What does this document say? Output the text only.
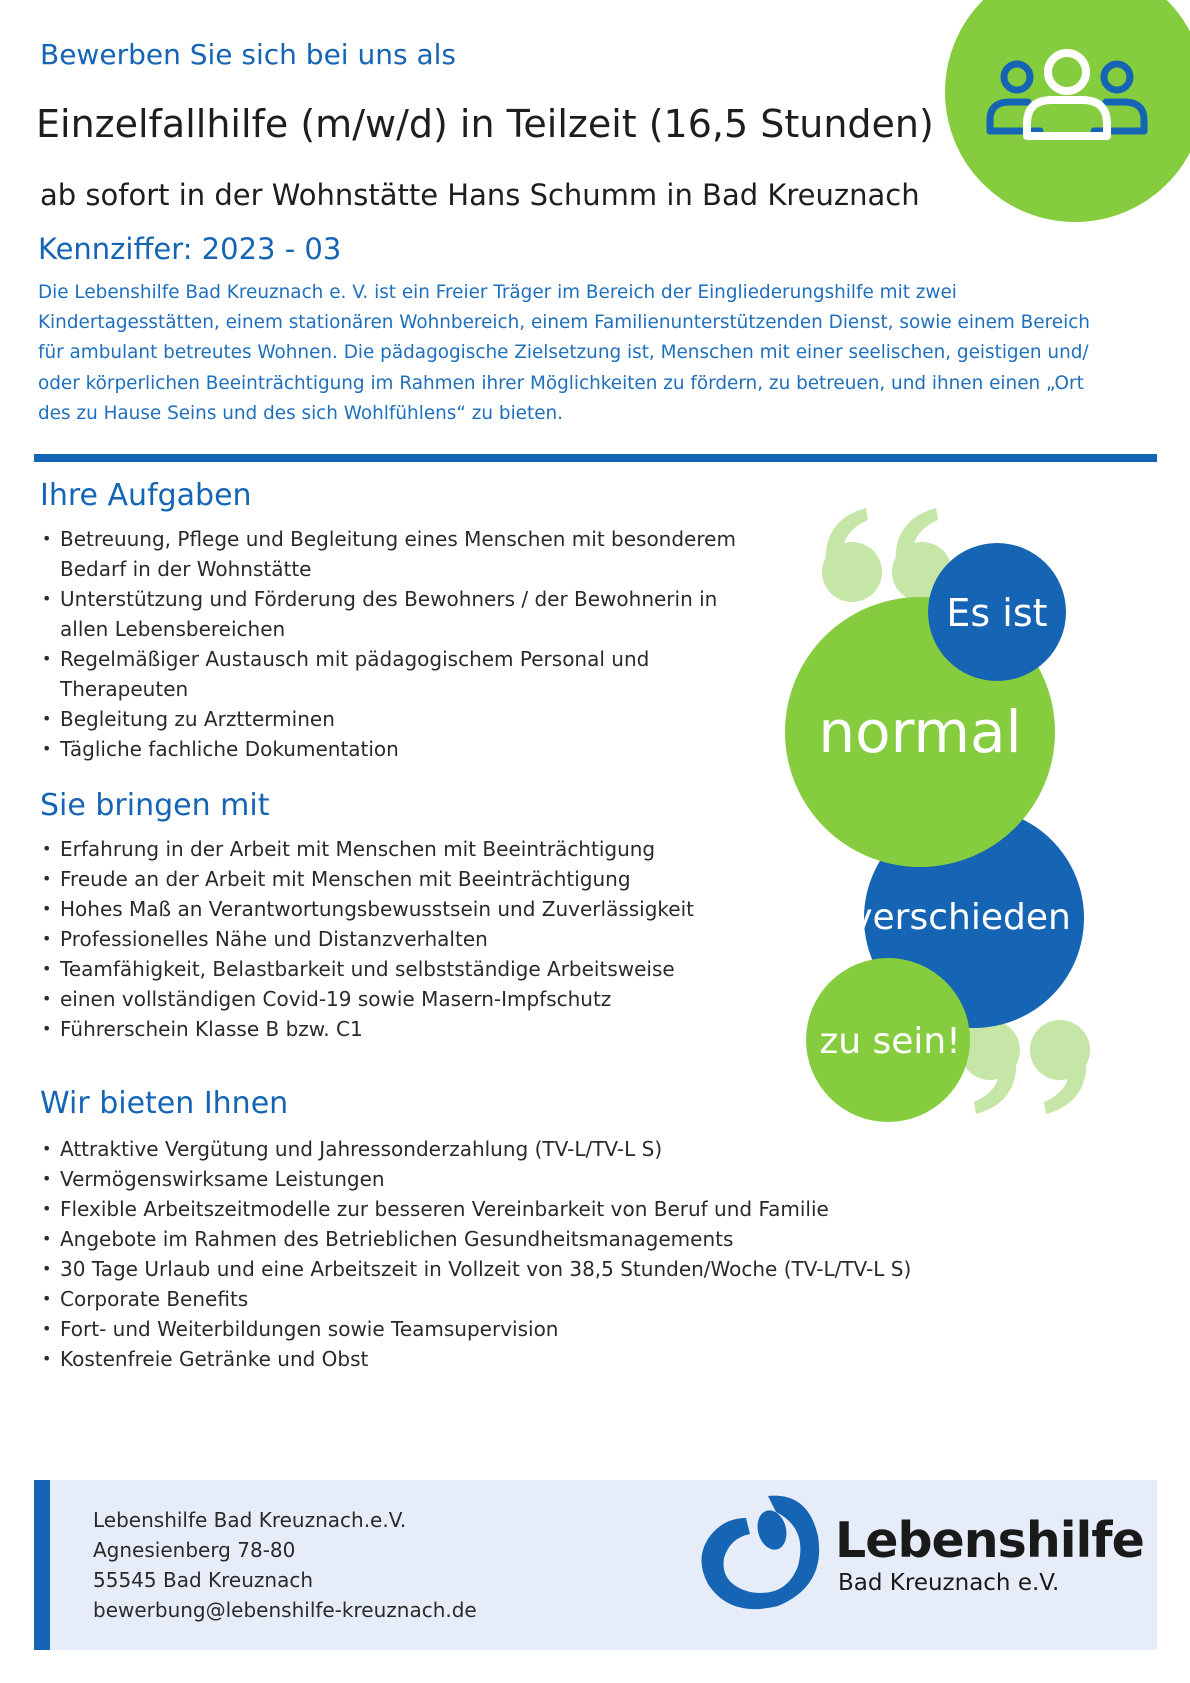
Bewerben Sie sich bei uns als
Einzelfallhilfe (m/w/d) in Teilzeit (16,5 Stunden)
ab sofort in der Wohnstätte Hans Schumm in Bad Kreuznach
Kennziffer: 2023 - 03
Die Lebenshilfe Bad Kreuznach e. V. ist ein Freier Träger im Bereich der Eingliederungshilfe mit zwei Kindertagesstätten, einem stationären Wohnbereich, einem Familienunterstützenden Dienst, sowie einem Bereich für ambulant betreutes Wohnen. Die pädagogische Zielsetzung ist, Menschen mit einer seelischen, geistigen und/ oder körperlichen Beeinträchtigung im Rahmen ihrer Möglichkeiten zu fördern, zu betreuen, und ihnen einen „Ort des zu Hause Seins und des sich Wohlfühlens“ zu bieten.
Ihre Aufgaben
• Betreuung, Pflege und Begleitung eines Menschen mit besonderem Bedarf in der Wohnstätte
• Unterstützung und Förderung des Bewohners / der Bewohnerin in allen Lebensbereichen
• Regelmäßiger Austausch mit pädagogischem Personal und Therapeuten
• Begleitung zu Arztterminen
• Tägliche fachliche Dokumentation
Sie bringen mit
• Erfahrung in der Arbeit mit Menschen mit Beeinträchtigung
• Freude an der Arbeit mit Menschen mit Beeinträchtigung
• Hohes Maß an Verantwortungsbewusstsein und Zuverlässigkeit
• Professionelles Nähe und Distanzverhalten
• Teamfähigkeit, Belastbarkeit und selbstständige Arbeitsweise
• einen vollständigen Covid-19 sowie Masern-Impfschutz
• Führerschein Klasse B bzw. C1
Wir bieten Ihnen
• Attraktive Vergütung und Jahressonderzahlung (TV-L/TV-L S)
• Vermögenswirksame Leistungen
• Flexible Arbeitszeitmodelle zur besseren Vereinbarkeit von Beruf und Familie
• Angebote im Rahmen des Betrieblichen Gesundheitsmanagements
• 30 Tage Urlaub und eine Arbeitszeit in Vollzeit von 38,5 Stunden/Woche (TV-L/TV-L S)
• Corporate Benefits
• Fort- und Weiterbildungen sowie Teamsupervision
• Kostenfreie Getränke und Obst
Es ist
normal
verschieden
zu sein!
Lebenshilfe Bad Kreuznach.e.V.
Agnesienberg 78-80
55545 Bad Kreuznach
bewerbung@lebenshilfe-kreuznach.de
Lebenshilfe
Bad Kreuznach e.V.
